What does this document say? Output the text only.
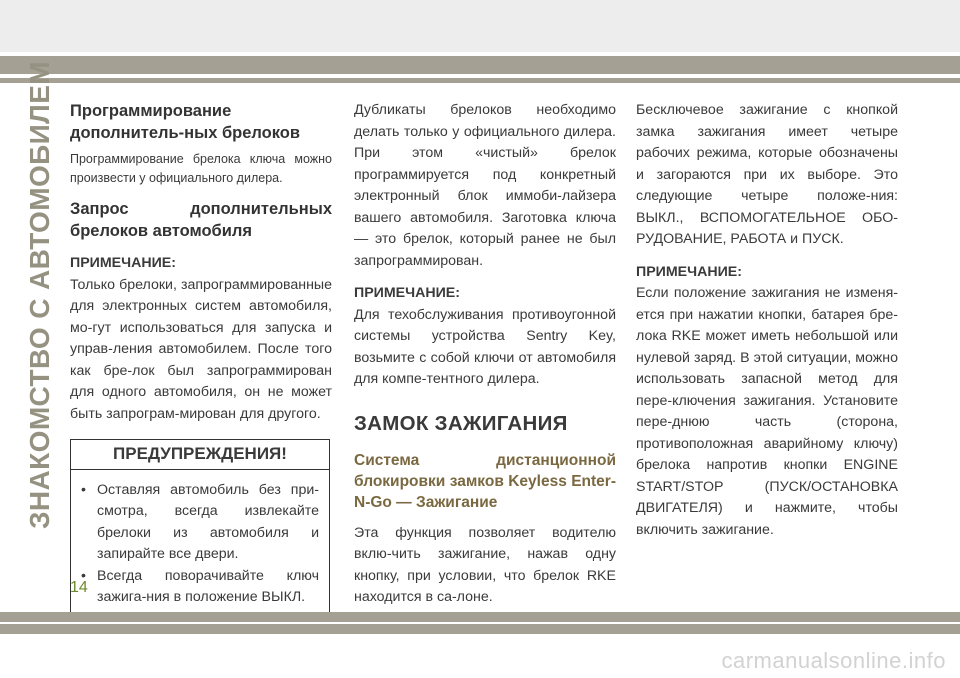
ЗНАКОМСТВО С АВТОМОБИЛЕМ Программирование дополнитель-ных брелоков

Программирование брелока ключа можно произвести у официального дилера.

Запрос дополнительных брелоков автомобиля

ПРИМЕЧАНИЕ:

Только брелоки, запрограммированные для электронных систем автомобиля, мо-гут использоваться для запуска и управ-ления автомобилем. После того как бре-лок был запрограммирован для одного автомобиля, он не может быть запрограм-мирован для другого.

ПРЕДУПРЕЖДЕНИЯ!

• Оставляя автомобиль без при-смотра, всегда извлекайте брелоки из автомобиля и запирайте все двери.
• Всегда поворачивайте ключ зажига-ния в положение ВЫКЛ.

Дубликаты брелоков необходимо делать только у официального дилера. При этом «чистый» брелок программируется под конкретный электронный блок иммоби-лайзера вашего автомобиля. Заготовка ключа — это брелок, который ранее не был запрограммирован.

ПРИМЕЧАНИЕ:

Для техобслуживания противоугонной системы устройства Sentry Key, возьмите с собой ключи от автомобиля для компе-тентного дилера.

ЗАМОК ЗАЖИГАНИЯ

Система дистанционной блокировки замков Keyless Enter- N-Go — Зажигание

Эта функция позволяет водителю вклю-чить зажигание, нажав одну кнопку, при условии, что брелок RKE находится в са-лоне.

Бесключевое зажигание с кнопкой замка зажигания имеет четыре рабочих режима, которые обозначены и загораются при их выборе. Это следующие четыре положе-ния: ВЫКЛ., ВСПОМОГАТЕЛЬНОЕ ОБО-РУДОВАНИЕ, РАБОТА и ПУСК.

ПРИМЕЧАНИЕ:

Если положение зажигания не изменя-ется при нажатии кнопки, батарея бре-лока RKE может иметь небольшой или нулевой заряд. В этой ситуации, можно использовать запасной метод для пере-ключения зажигания. Установите пере-днюю часть (сторона, противоположная аварийному ключу) брелока напротив кнопки ENGINE START/STOP (ПУСК/ОСТАНОВКА ДВИГАТЕЛЯ) и нажмите, чтобы включить зажигание.

14
carmanualsonline.info
